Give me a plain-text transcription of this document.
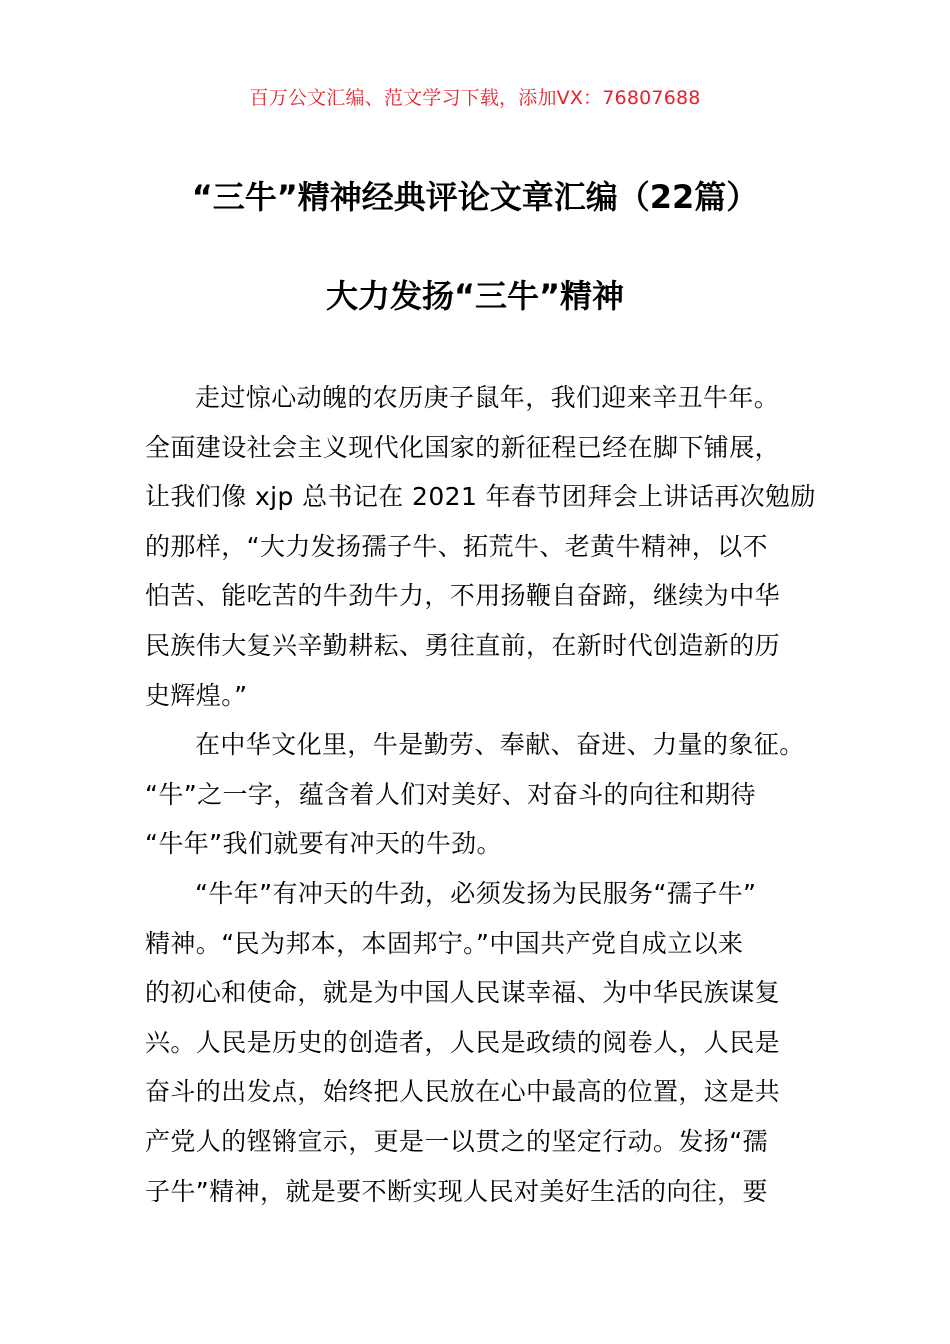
百万公文汇编、范文学习下载，添加VX：76807688
“三牛”精神经典评论文章汇编（22篇）
大力发扬“三牛”精神
走过惊心动魄的农历庚子鼠年，我们迎来辛丑牛年。
全面建设社会主义现代化国家的新征程已经在脚下铺展，
让我们像 xjp 总书记在 2021 年春节团拜会上讲话再次勉励
的那样，“大力发扬孺子牛、拓荒牛、老黄牛精神，以不
怕苦、能吃苦的牛劲牛力，不用扬鞭自奋蹄，继续为中华
民族伟大复兴辛勤耕耘、勇往直前，在新时代创造新的历
史辉煌。”
在中华文化里，牛是勤劳、奉献、奋进、力量的象征。
“牛”之一字，蕴含着人们对美好、对奋斗的向往和期待
“牛年”我们就要有冲天的牛劲。
“牛年”有冲天的牛劲，必须发扬为民服务“孺子牛”
精神。“民为邦本，本固邦宁。”中国共产党自成立以来
的初心和使命，就是为中国人民谋幸福、为中华民族谋复
兴。人民是历史的创造者，人民是政绩的阅卷人，人民是
奋斗的出发点，始终把人民放在心中最高的位置，这是共
产党人的铿锵宣示，更是一以贯之的坚定行动。发扬“孺
子牛”精神，就是要不断实现人民对美好生活的向往，要
